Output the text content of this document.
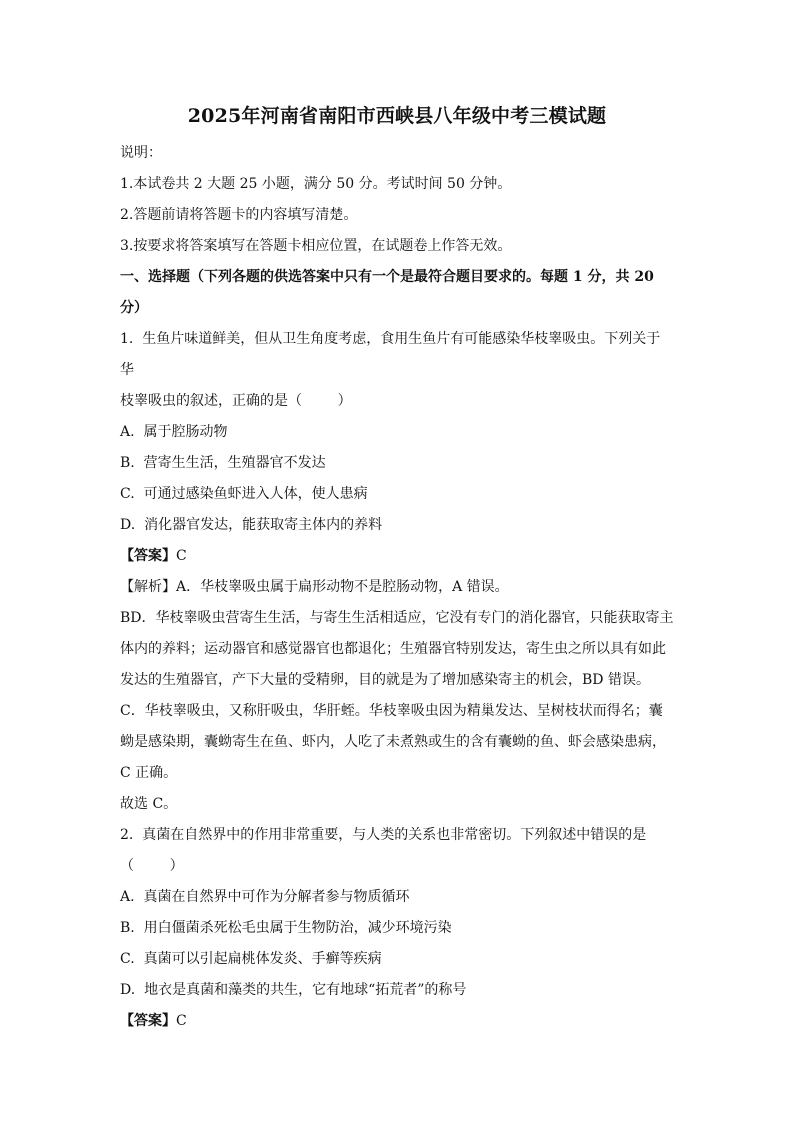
2025年河南省南阳市西峡县八年级中考三模试题

说明：

1.本试卷共 2 大题 25 小题，满分 50 分。考试时间 50 分钟。

2.答题前请将答题卡的内容填写清楚。

3.按要求将答案填写在答题卡相应位置，在试题卷上作答无效。

一、选择题（下列各题的供选答案中只有一个是最符合题目要求的。每题 1 分，共 20

分）

1.  生鱼片味道鲜美，但从卫生角度考虑，食用生鱼片有可能感染华枝睾吸虫。下列关于华

枝睾吸虫的叙述，正确的是（        ）

A.  属于腔肠动物

B.  营寄生生活，生殖器官不发达

C.  可通过感染鱼虾进入人体，使人患病

D.  消化器官发达，能获取寄主体内的养料

【答案】C

【解析】A．华枝睾吸虫属于扁形动物不是腔肠动物，A 错误。

BD．华枝睾吸虫营寄生生活，与寄生生活相适应，它没有专门的消化器官，只能获取寄主

体内的养料；运动器官和感觉器官也都退化；生殖器官特别发达，寄生虫之所以具有如此

发达的生殖器官，产下大量的受精卵，目的就是为了增加感染寄主的机会，BD 错误。

C．华枝睾吸虫，又称肝吸虫，华肝蛭。华枝睾吸虫因为精巢发达、呈树枝状而得名；囊

蚴是感染期，囊蚴寄生在鱼、虾内，人吃了未煮熟或生的含有囊蚴的鱼、虾会感染患病，

C 正确。

故选 C。

2.  真菌在自然界中的作用非常重要，与人类的关系也非常密切。下列叙述中错误的是

（        ）

A.  真菌在自然界中可作为分解者参与物质循环

B.  用白僵菌杀死松毛虫属于生物防治，减少环境污染

C.  真菌可以引起扁桃体发炎、手癣等疾病

D.  地衣是真菌和藻类的共生，它有地球“拓荒者”的称号

【答案】C
